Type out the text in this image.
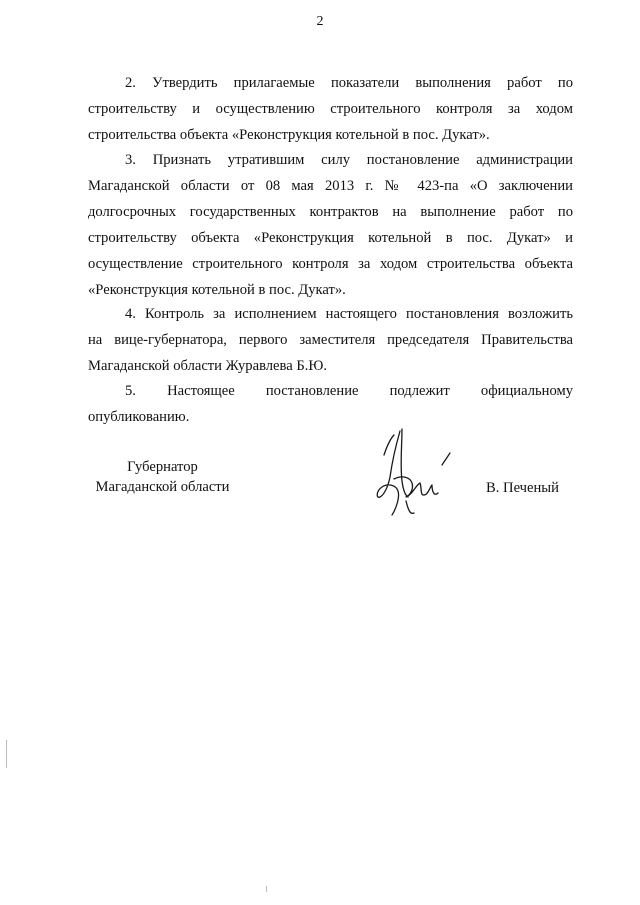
2
2. Утвердить прилагаемые показатели выполнения работ по
строительству и осуществлению строительного контроля за ходом
строительства объекта «Реконструкция котельной в пос. Дукат».
3. Признать утратившим силу постановление администрации
Магаданской области от 08 мая 2013 г. № 423-па «О заключении
долгосрочных государственных контрактов на выполнение работ по
строительству объекта «Реконструкция котельной в пос. Дукат» и
осуществление строительного контроля за ходом строительства объекта
«Реконструкция котельной в пос. Дукат».
4. Контроль за исполнением настоящего постановления возложить
на вице-губернатора, первого заместителя председателя Правительства
Магаданской области Журавлева Б.Ю.
5. Настоящее постановление подлежит официальному
опубликованию.
Губернатор
Магаданской области	В. Печеный
